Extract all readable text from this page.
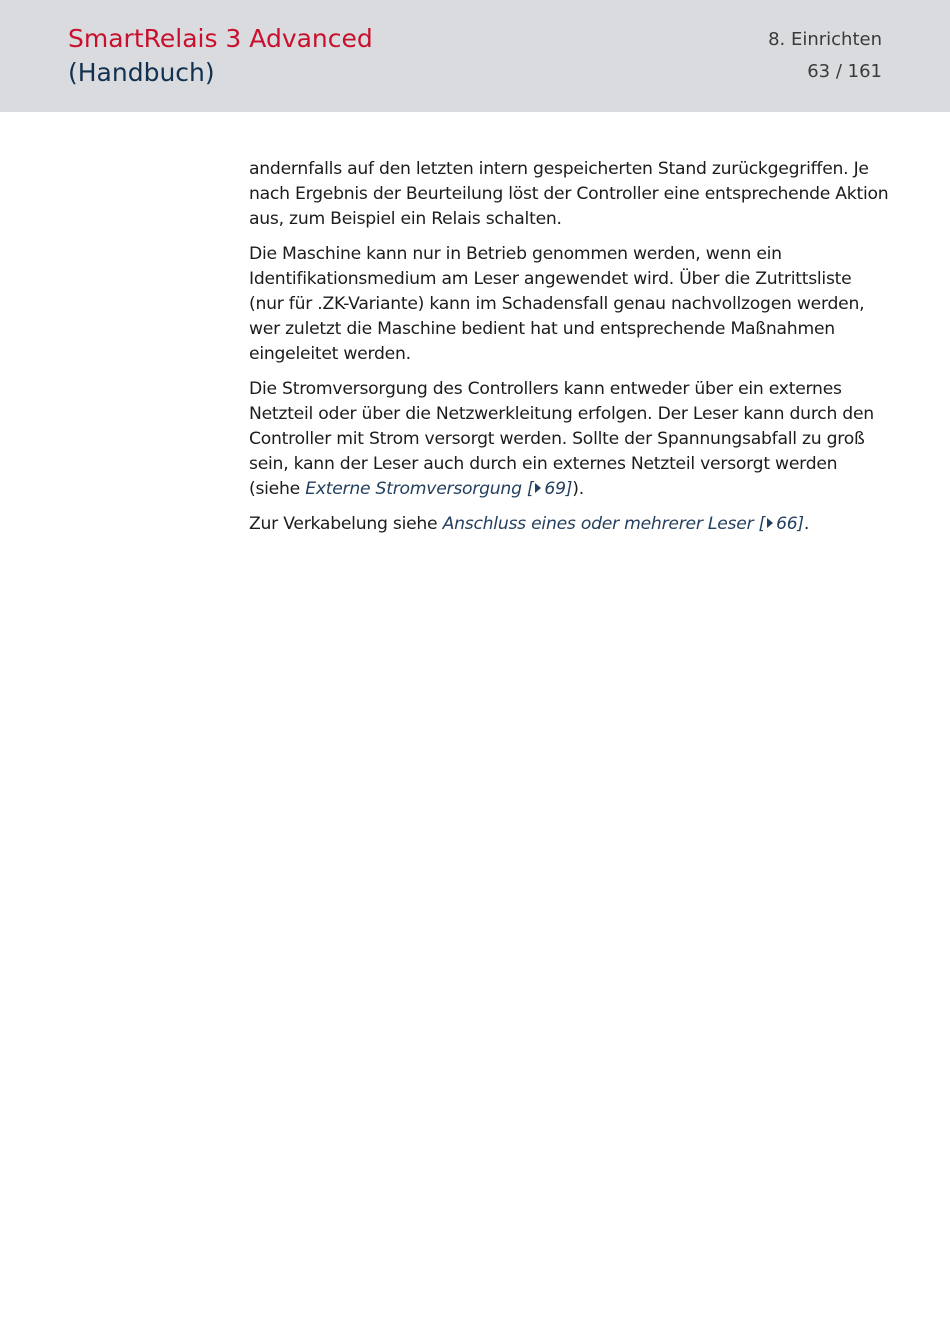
SmartRelais 3 Advanced
(Handbuch)
8. Einrichten
63 / 161

andernfalls auf den letzten intern gespeicherten Stand zurückgegriffen. Je nach Ergebnis der Beurteilung löst der Controller eine entsprechende Aktion aus, zum Beispiel ein Relais schalten.

Die Maschine kann nur in Betrieb genommen werden, wenn ein Identifikationsmedium am Leser angewendet wird. Über die Zutrittsliste (nur für .ZK-Variante) kann im Schadensfall genau nachvollzogen werden, wer zuletzt die Maschine bedient hat und entsprechende Maßnahmen eingeleitet werden.

Die Stromversorgung des Controllers kann entweder über ein externes Netzteil oder über die Netzwerkleitung erfolgen. Der Leser kann durch den Controller mit Strom versorgt werden. Sollte der Spannungsabfall zu groß sein, kann der Leser auch durch ein externes Netzteil versorgt werden (siehe Externe Stromversorgung [ 69]).

Zur Verkabelung siehe Anschluss eines oder mehrerer Leser [ 66].
